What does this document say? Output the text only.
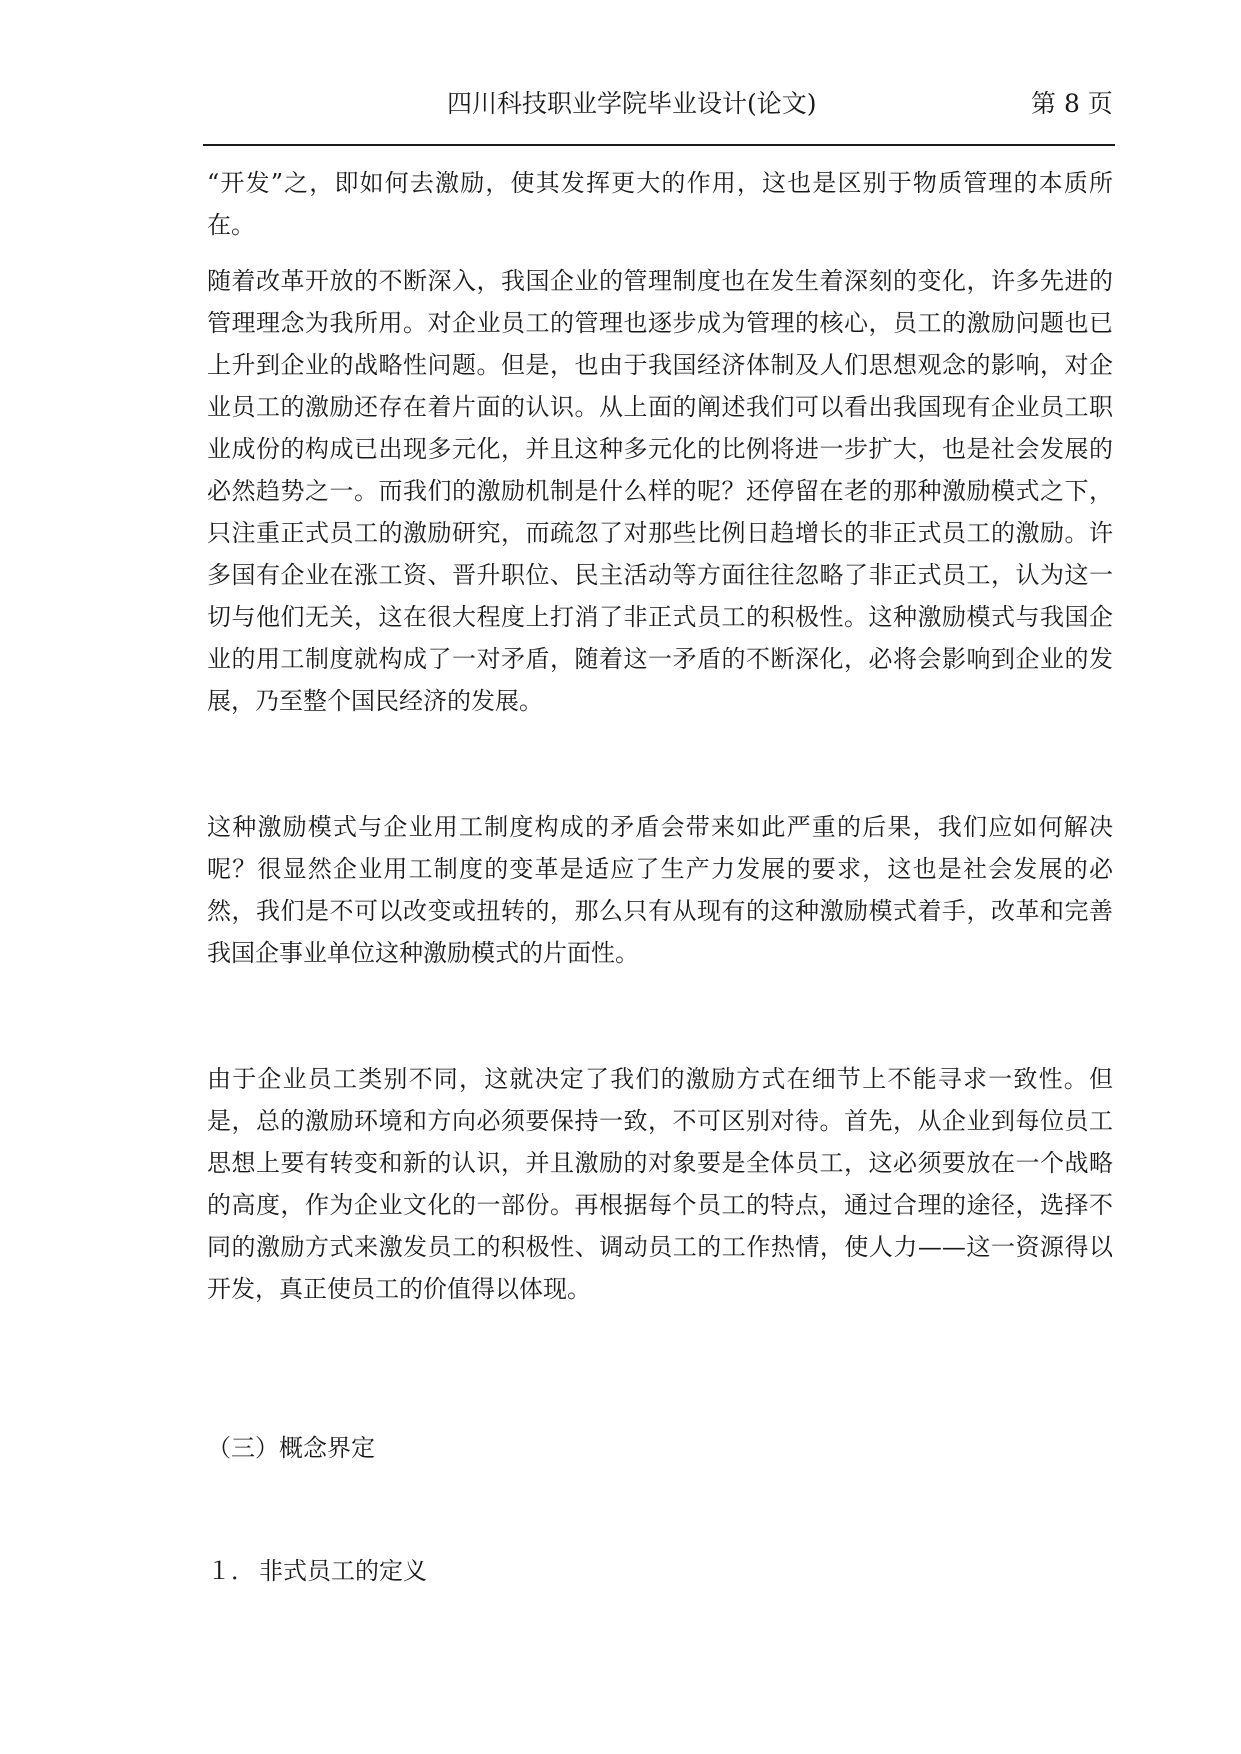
四川科技职业学院毕业设计(论文)	第 8 页

“开发”之，即如何去激励，使其发挥更大的作用，这也是区别于物质管理的本质所在。

随着改革开放的不断深入，我国企业的管理制度也在发生着深刻的变化，许多先进的管理理念为我所用。对企业员工的管理也逐步成为管理的核心，员工的激励问题也已上升到企业的战略性问题。但是，也由于我国经济体制及人们思想观念的影响，对企业员工的激励还存在着片面的认识。从上面的阐述我们可以看出我国现有企业员工职业成份的构成已出现多元化，并且这种多元化的比例将进一步扩大，也是社会发展的必然趋势之一。而我们的激励机制是什么样的呢？还停留在老的那种激励模式之下，只注重正式员工的激励研究，而疏忽了对那些比例日趋增长的非正式员工的激励。许多国有企业在涨工资、晋升职位、民主活动等方面往往忽略了非正式员工，认为这一切与他们无关，这在很大程度上打消了非正式员工的积极性。这种激励模式与我国企业的用工制度就构成了一对矛盾，随着这一矛盾的不断深化，必将会影响到企业的发展，乃至整个国民经济的发展。

这种激励模式与企业用工制度构成的矛盾会带来如此严重的后果，我们应如何解决呢？很显然企业用工制度的变革是适应了生产力发展的要求，这也是社会发展的必然，我们是不可以改变或扭转的，那么只有从现有的这种激励模式着手，改革和完善我国企事业单位这种激励模式的片面性。

由于企业员工类别不同，这就决定了我们的激励方式在细节上不能寻求一致性。但是，总的激励环境和方向必须要保持一致，不可区别对待。首先，从企业到每位员工思想上要有转变和新的认识，并且激励的对象要是全体员工，这必须要放在一个战略的高度，作为企业文化的一部份。再根据每个员工的特点，通过合理的途径，选择不同的激励方式来激发员工的积极性、调动员工的工作热情，使人力——这一资源得以开发，真正使员工的价值得以体现。

（三）概念界定
１． 非式员工的定义
